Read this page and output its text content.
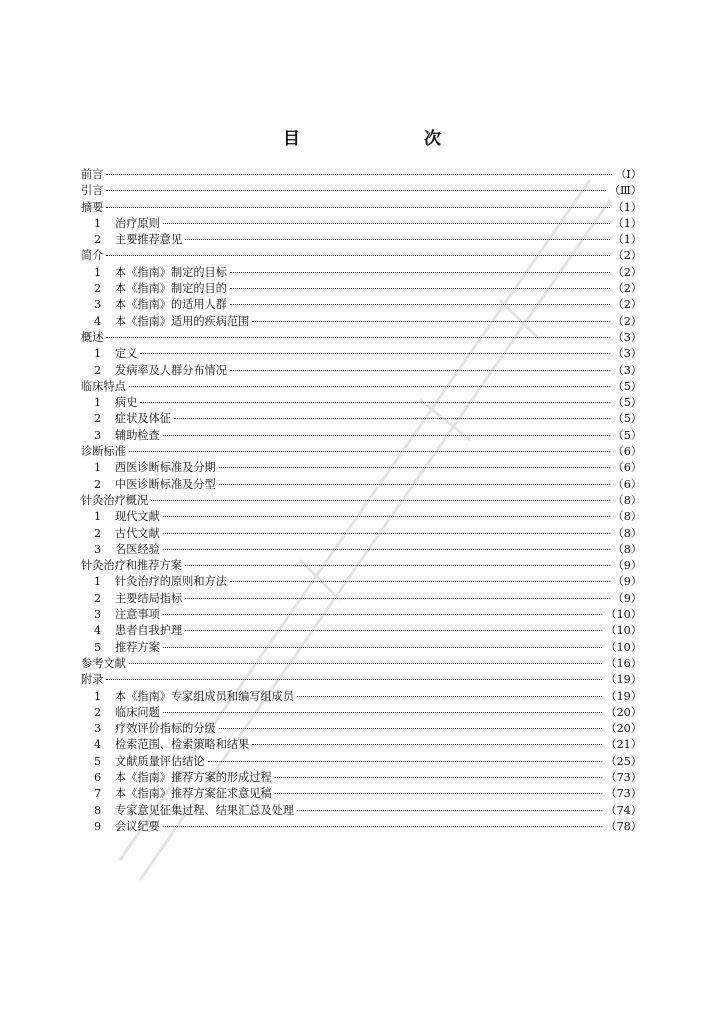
目　　次
前言	（Ⅰ）
引言	（Ⅲ）
摘要	（1）
1	治疗原则	（1）
2	主要推荐意见	（1）
简介	（2）
1	本《指南》制定的目标	（2）
2	本《指南》制定的目的	（2）
3	本《指南》的适用人群	（2）
4	本《指南》适用的疾病范围	（2）
概述	（3）
1	定义	（3）
2	发病率及人群分布情况	（3）
临床特点	（5）
1	病史	（5）
2	症状及体征	（5）
3	辅助检查	（5）
诊断标准	（6）
1	西医诊断标准及分期	（6）
2	中医诊断标准及分型	（6）
针灸治疗概况	（8）
1	现代文献	（8）
2	古代文献	（8）
3	名医经验	（8）
针灸治疗和推荐方案	（9）
1	针灸治疗的原则和方法	（9）
2	主要结局指标	（9）
3	注意事项	（10）
4	患者自我护理	（10）
5	推荐方案	（10）
参考文献	（16）
附录	（19）
1	本《指南》专家组成员和编写组成员	（19）
2	临床问题	（20）
3	疗效评价指标的分级	（20）
4	检索范围、检索策略和结果	（21）
5	文献质量评估结论	（25）
6	本《指南》推荐方案的形成过程	（73）
7	本《指南》推荐方案征求意见稿	（73）
8	专家意见征集过程、结果汇总及处理	（74）
9	会议纪要	（78）
